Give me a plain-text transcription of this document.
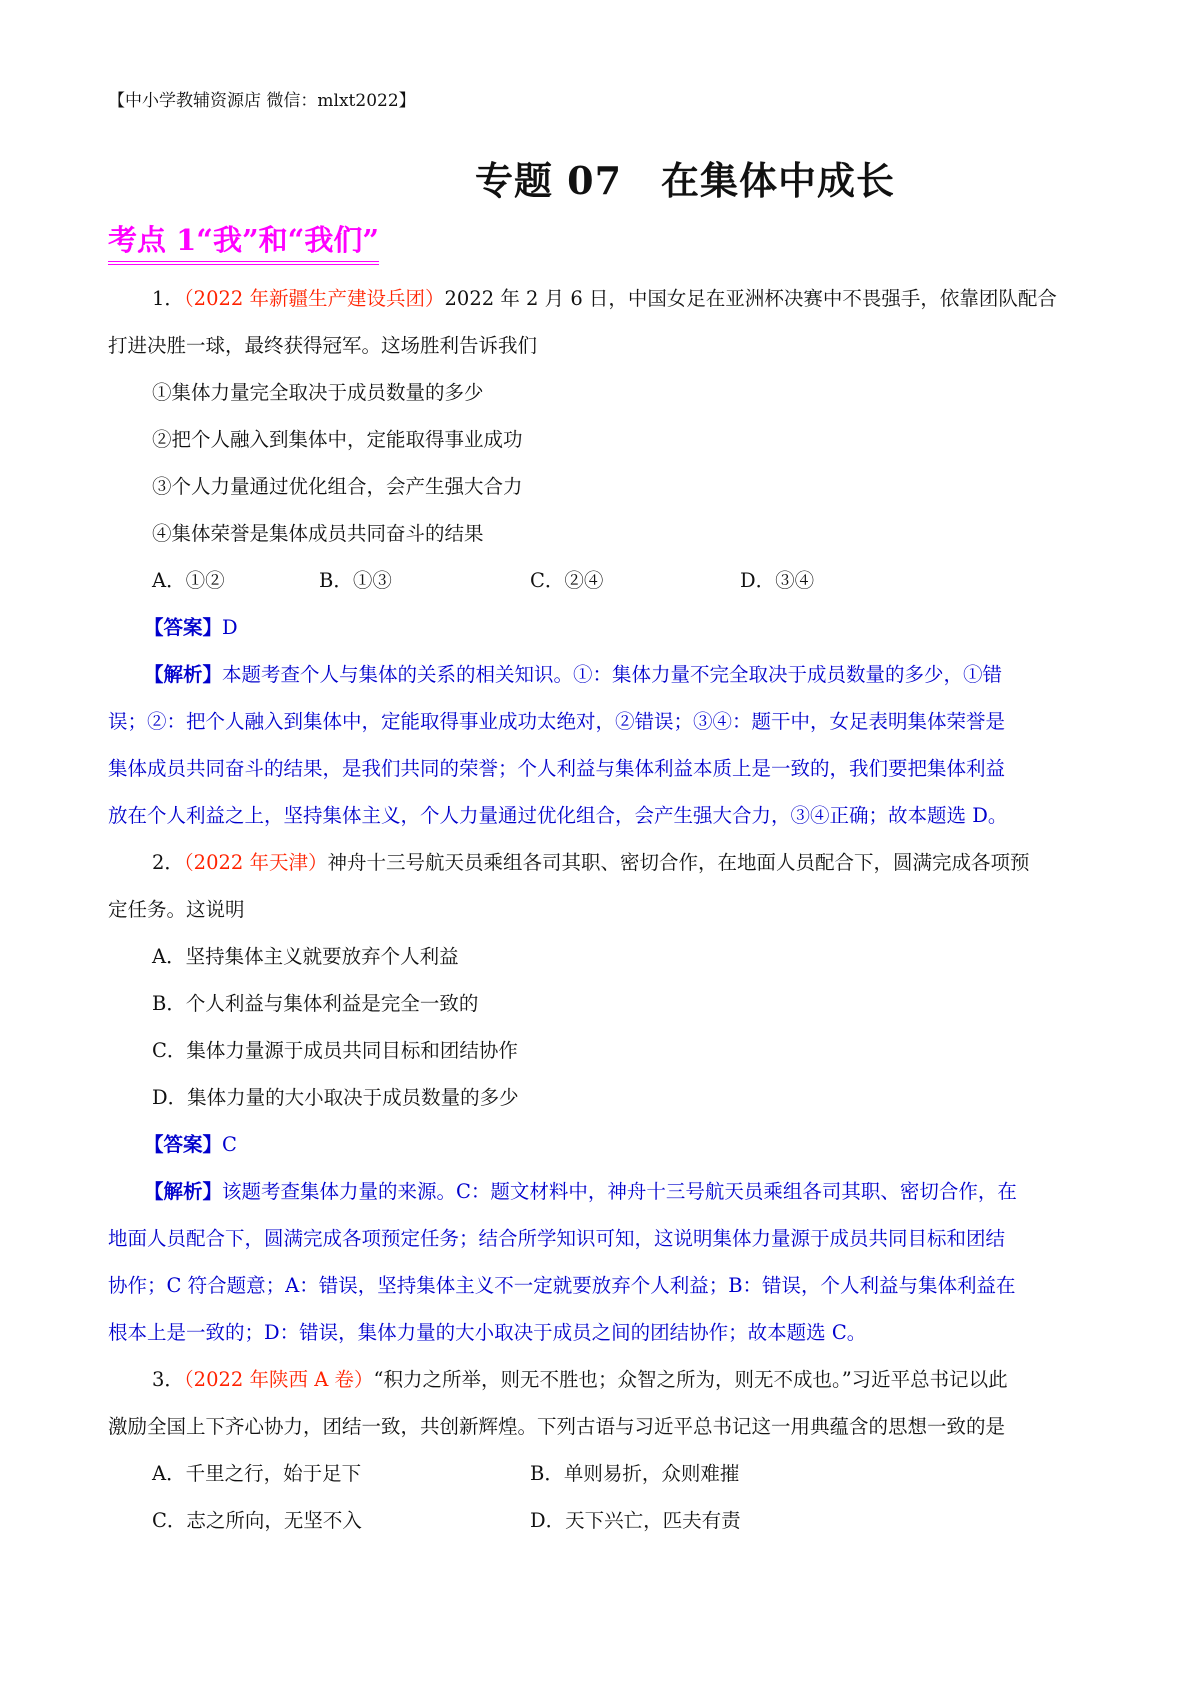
【中小学教辅资源店 微信：mlxt2022】
专题 07　在集体中成长
考点 1“我”和“我们”
1．（2022 年新疆生产建设兵团）2022 年 2 月 6 日，中国女足在亚洲杯决赛中不畏强手，依靠团队配合
打进决胜一球，最终获得冠军。这场胜利告诉我们
①集体力量完全取决于成员数量的多少
②把个人融入到集体中，定能取得事业成功
③个人力量通过优化组合，会产生强大合力
④集体荣誉是集体成员共同奋斗的结果
A．①②	B．①③	C．②④	D．③④
【答案】D
【解析】本题考查个人与集体的关系的相关知识。①：集体力量不完全取决于成员数量的多少，①错
误；②：把个人融入到集体中，定能取得事业成功太绝对，②错误；③④：题干中，女足表明集体荣誉是
集体成员共同奋斗的结果，是我们共同的荣誉；个人利益与集体利益本质上是一致的，我们要把集体利益
放在个人利益之上，坚持集体主义，个人力量通过优化组合，会产生强大合力，③④正确；故本题选 D。
2．（2022 年天津）神舟十三号航天员乘组各司其职、密切合作，在地面人员配合下，圆满完成各项预
定任务。这说明
A．坚持集体主义就要放弃个人利益
B．个人利益与集体利益是完全一致的
C．集体力量源于成员共同目标和团结协作
D．集体力量的大小取决于成员数量的多少
【答案】C
【解析】该题考查集体力量的来源。C：题文材料中，神舟十三号航天员乘组各司其职、密切合作，在
地面人员配合下，圆满完成各项预定任务；结合所学知识可知，这说明集体力量源于成员共同目标和团结
协作；C 符合题意；A：错误，坚持集体主义不一定就要放弃个人利益；B：错误，个人利益与集体利益在
根本上是一致的；D：错误，集体力量的大小取决于成员之间的团结协作；故本题选 C。
3．（2022 年陕西 A 卷）“积力之所举，则无不胜也；众智之所为，则无不成也。”习近平总书记以此
激励全国上下齐心协力，团结一致，共创新辉煌。下列古语与习近平总书记这一用典蕴含的思想一致的是
A．千里之行，始于足下	B．单则易折，众则难摧
C．志之所向，无坚不入	D．天下兴亡，匹夫有责
